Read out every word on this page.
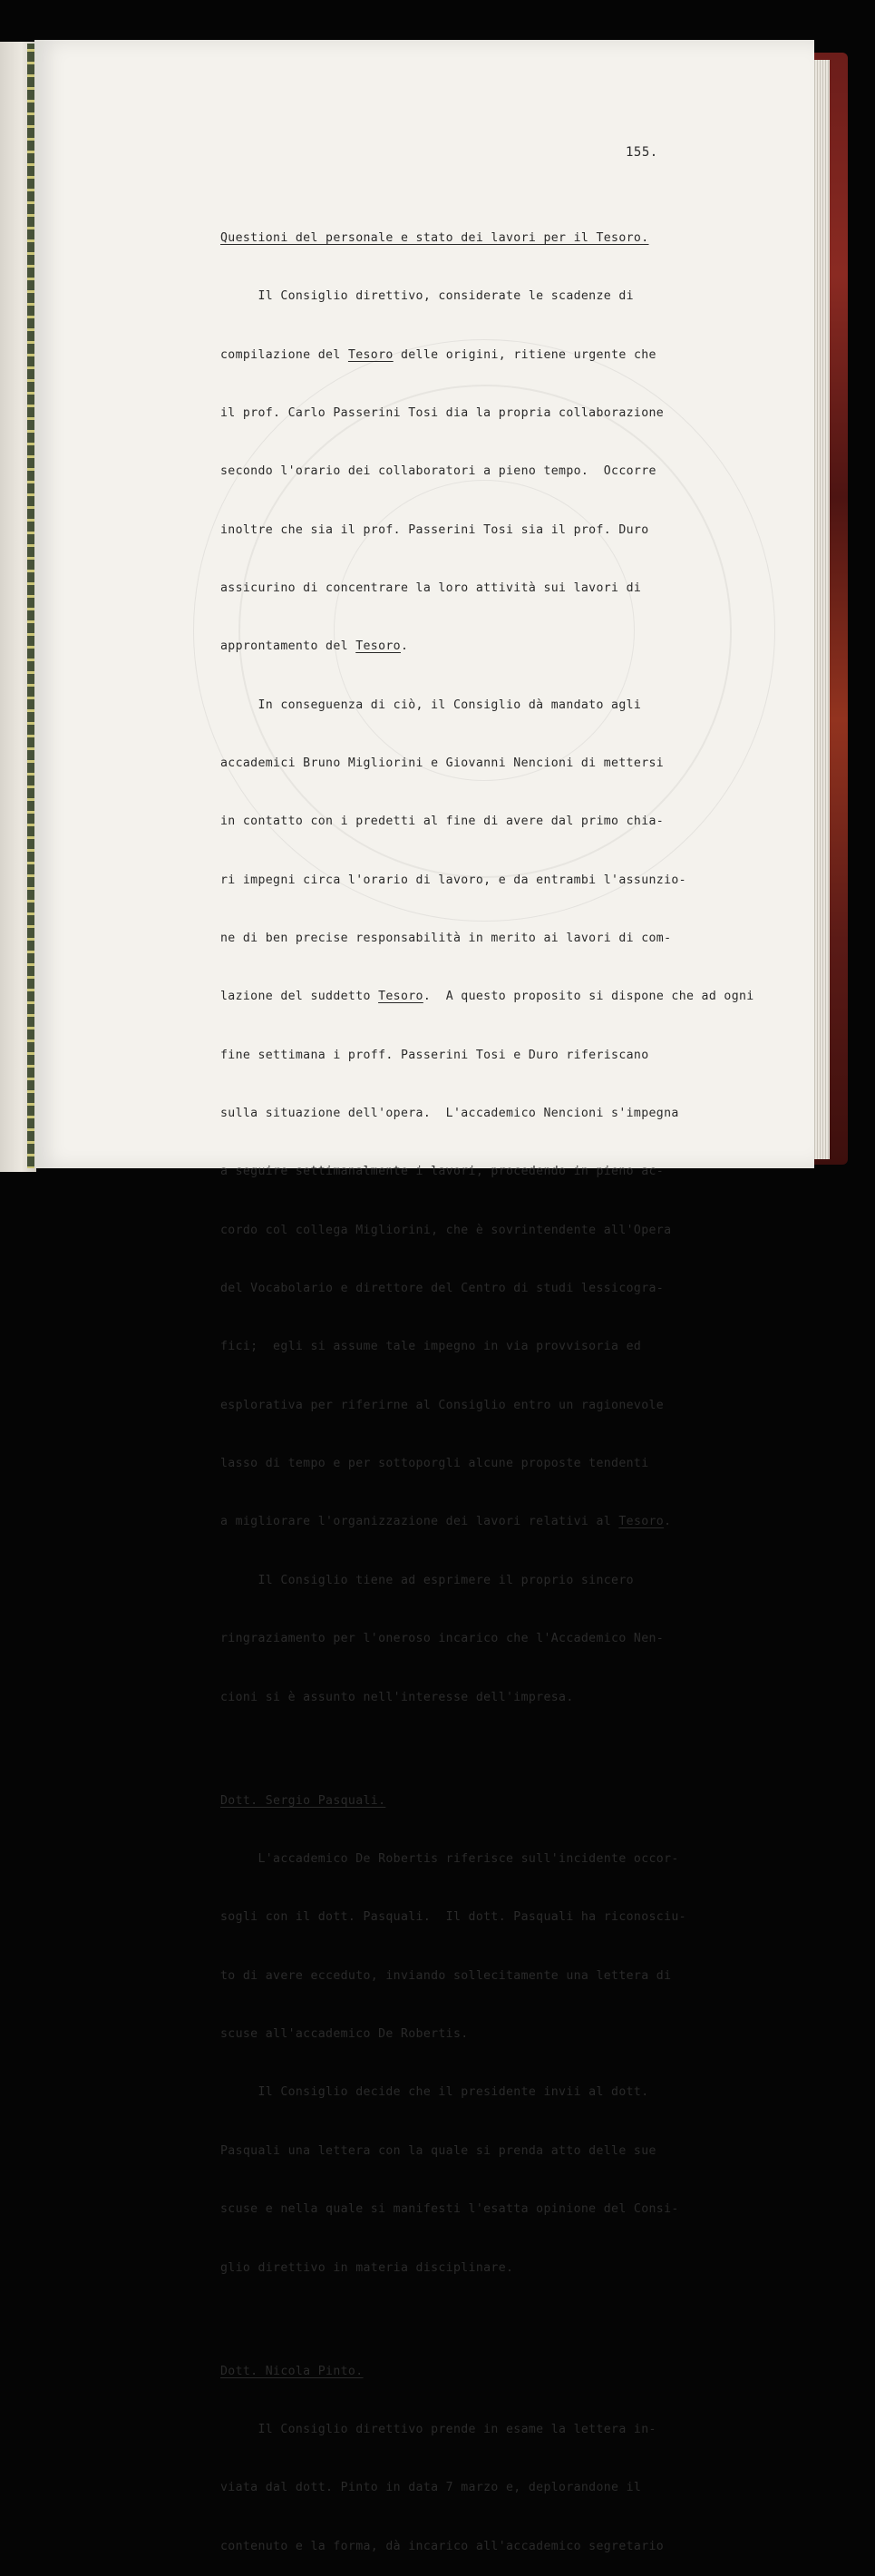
155.

Questioni del personale e stato dei lavori per il Tesoro.

Il Consiglio direttivo, considerate le scadenze di

compilazione del Tesoro delle origini, ritiene urgente che

il prof. Carlo Passerini Tosi dia la propria collaborazione

secondo l'orario dei collaboratori a pieno tempo.  Occorre

inoltre che sia il prof. Passerini Tosi sia il prof. Duro

assicurino di concentrare la loro attività sui lavori di

approntamento del Tesoro.

In conseguenza di ciò, il Consiglio dà mandato agli

accademici Bruno Migliorini e Giovanni Nencioni di mettersi

in contatto con i predetti al fine di avere dal primo chia-

ri impegni circa l'orario di lavoro, e da entrambi l'assunzio-

ne di ben precise responsabilità in merito ai lavori di com-

lazione del suddetto Tesoro.  A questo proposito si dispone che ad ogni

fine settimana i proff. Passerini Tosi e Duro riferiscano

sulla situazione dell'opera.  L'accademico Nencioni s'impegna

a seguire settimanalmente i lavori, procedendo in pieno ac-

cordo col collega Migliorini, che è sovrintendente all'Opera

del Vocabolario e direttore del Centro di studi lessicogra-

fici;  egli si assume tale impegno in via provvisoria ed

esplorativa per riferirne al Consiglio entro un ragionevole

lasso di tempo e per sottoporgli alcune proposte tendenti

a migliorare l'organizzazione dei lavori relativi al Tesoro.

Il Consiglio tiene ad esprimere il proprio sincero

ringraziamento per l'oneroso incarico che l'Accademico Nen-

cioni si è assunto nell'interesse dell'impresa.

Dott. Sergio Pasquali.

L'accademico De Robertis riferisce sull'incidente occor-

sogli con il dott. Pasquali.  Il dott. Pasquali ha riconosciu-

to di avere ecceduto, inviando sollecitamente una lettera di

scuse all'accademico De Robertis.

Il Consiglio decide che il presidente invii al dott.

Pasquali una lettera con la quale si prenda atto delle sue

scuse e nella quale si manifesti l'esatta opinione del Consi-

glio direttivo in materia disciplinare.

Dott. Nicola Pinto.

Il Consiglio direttivo prende in esame la lettera in-

viata dal dott. Pinto in data 7 marzo e, deplorandone il

contenuto e la forma, dà incarico all'accademico segretario
